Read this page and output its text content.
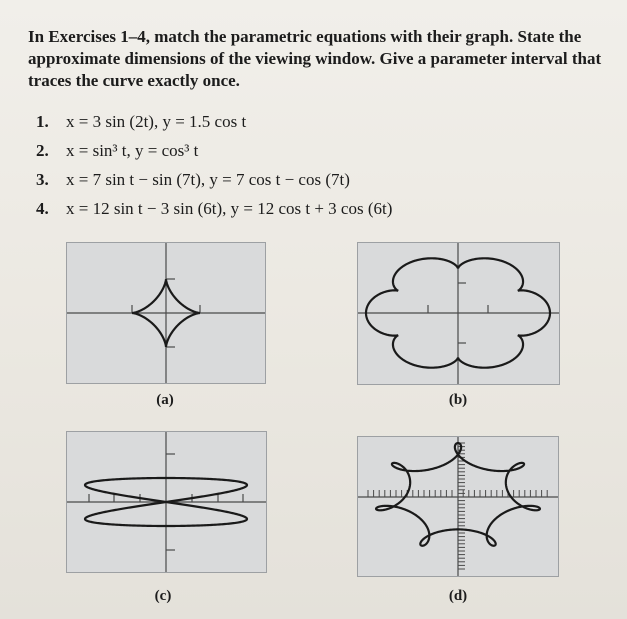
In Exercises 1–4, match the parametric equations with their graph. State the approximate dimensions of the viewing window. Give a parameter interval that traces the curve exactly once.
1.	x = 3 sin (2t), y = 1.5 cos t
2.	x = sin³ t, y = cos³ t
3.	x = 7 sin t − sin (7t), y = 7 cos t − cos (7t)
4.	x = 12 sin t − 3 sin (6t), y = 12 cos t + 3 cos (6t)
(a)	(b)
(c)	(d)
